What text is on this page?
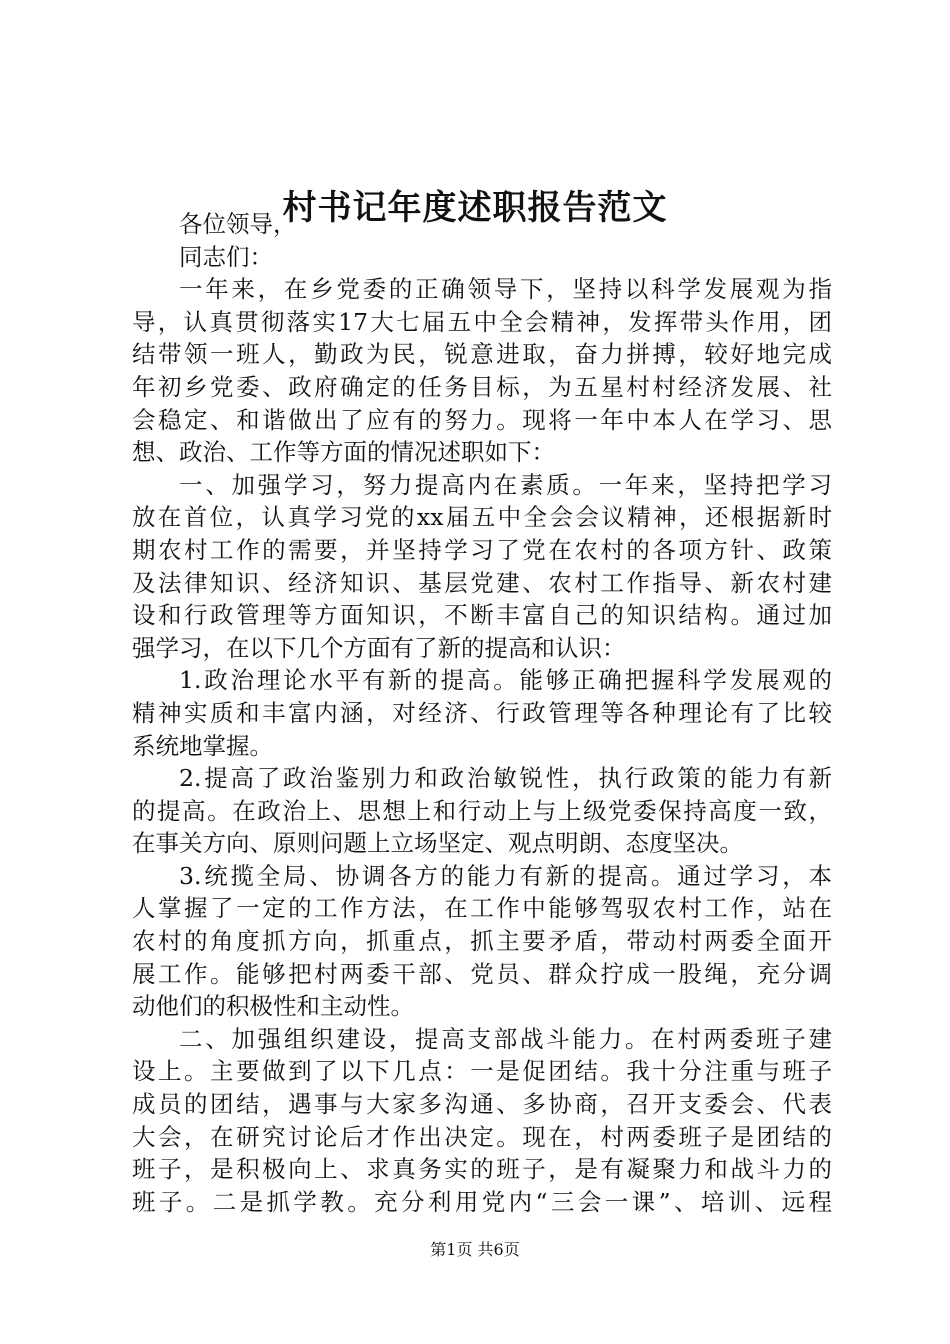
村书记年度述职报告范文
各位领导，
同志们：
一年来，在乡党委的正确领导下，坚持以科学发展观为指
导，认真贯彻落实17大七届五中全会精神，发挥带头作用，团
结带领一班人，勤政为民，锐意进取，奋力拼搏，较好地完成
年初乡党委、政府确定的任务目标，为五星村村经济发展、社
会稳定、和谐做出了应有的努力。现将一年中本人在学习、思
想、政治、工作等方面的情况述职如下：
一、加强学习，努力提高内在素质。一年来，坚持把学习
放在首位，认真学习党的xx届五中全会会议精神，还根据新时
期农村工作的需要，并坚持学习了党在农村的各项方针、政策
及法律知识、经济知识、基层党建、农村工作指导、新农村建
设和行政管理等方面知识，不断丰富自己的知识结构。通过加
强学习，在以下几个方面有了新的提高和认识：
1.政治理论水平有新的提高。能够正确把握科学发展观的
精神实质和丰富内涵，对经济、行政管理等各种理论有了比较
系统地掌握。
2.提高了政治鉴别力和政治敏锐性，执行政策的能力有新
的提高。在政治上、思想上和行动上与上级党委保持高度一致，
在事关方向、原则问题上立场坚定、观点明朗、态度坚决。
3.统揽全局、协调各方的能力有新的提高。通过学习，本
人掌握了一定的工作方法，在工作中能够驾驭农村工作，站在
农村的角度抓方向，抓重点，抓主要矛盾，带动村两委全面开
展工作。能够把村两委干部、党员、群众拧成一股绳，充分调
动他们的积极性和主动性。
二、加强组织建设，提高支部战斗能力。在村两委班子建
设上。主要做到了以下几点：一是促团结。我十分注重与班子
成员的团结，遇事与大家多沟通、多协商，召开支委会、代表
大会，在研究讨论后才作出决定。现在，村两委班子是团结的
班子，是积极向上、求真务实的班子，是有凝聚力和战斗力的
班子。二是抓学教。充分利用党内“三会一课”、培训、远程
第1页 共6页
